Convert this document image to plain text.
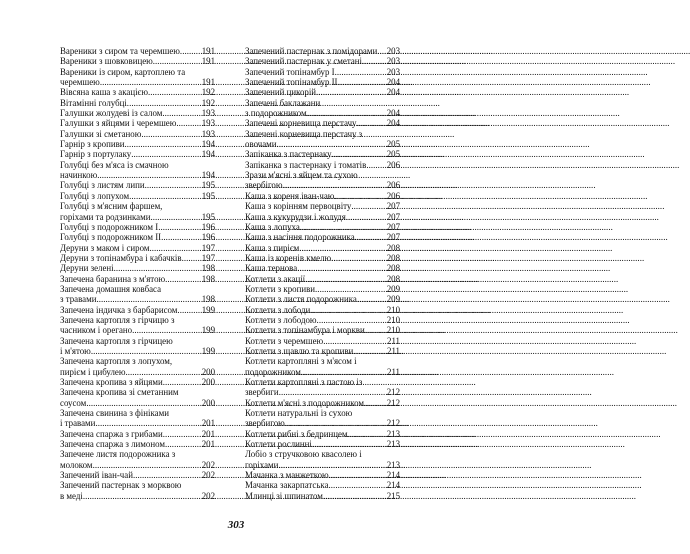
Вареники з сиром та черемшею ..... 191
Вареники з шовковицею .....	191
Вареники із сиром, картоплею та
черемшею .....	191
Вівсяна каша з акацією .....	192
Вітамінні голубці .....	192
Галушки жолудеві із салом .....	193
Галушки з яйцями і черемшею .....	193
Галушки зі сметаною .....	193
Гарнір з кропиви .....	194
Гарнір з портулаку .....	194
Голубці без м'яса із смачною
начинкою .....	194
Голубці з листям липи .....	195
Голубці з лопухом .....	195
Голубці з м'ясним фаршем,
горіхами та родзинками .....	195
Голубці з подорожником I .....	196
Голубці з подорожником II .....	196
Деруни з маком і сиром .....	197
Деруни з топінамбура і кабачків ..... 197
Деруни зелені .....	198
Запечена баранина з м'ятою .....	198
Запечена домашня ковбаса
з травами .....	198
Запечена індичка з барбарисом .....	199
Запечена картопля з гірчицю з
часником і орегано .....	199
Запечена картопля з гірчицею
і м'ятою .....	199
Запечена картопля з лопухом,
пирієм і цибулею .....	200
Запечена кропива з яйцями .....	200
Запечена кропива зі сметанним
соусом .....	200
Запечена свинина з фініками
і травами .....	201
Запечена спаржа з грибами .....	201
Запечена спаржа з лимоном .....	201
Запечене листя подорожника з
молоком .....	202
Запечений іван-чай .....	202
Запечений пастернак з морквою
в меді .....	202
Запечений пастернак з помідорами ..... 203
Запечений пастернак у сметані .....	203
Запечений топінамбур I .....	203
Запечений топінамбур II .....	204
Запечений цикорій .....	204
Запечені баклажани
з подорожником .....	204
Запечені корневища перстачу .....	204
Запечені корневища перстачу з
овочами .....	205
Запіканка з пастернаку .....	205
Запіканка з пастернаку і томатів ..... 206
Зрази м'ясні з яйцем та сухою
звербігою .....	206
Каша з кореня іван-чаю .....	206
Каша з корінням первоцвіту .....	207
Каша з кукурудзи і жолудя .....	207
Каша з лопуха .....	207
Каша з насіння подорожника .....	207
Каша з пирієм .....	208
Каша із коренів кмелю .....	208
Каша тернова .....	208
Котлети з акації .....	208
Котлети з кропиви .....	209
Котлети з листя подорожника .....	209
Котлети з лободи .....	210
Котлети з лободою .....	210
Котлети з топінамбура і моркви ..... 210
Котлети з черемшею .....	211
Котлети з щавлю та кропиви .....	211
Котлети картопляні з м'ясом і
подорожником .....	211
Котлети картопляні з пастою із
звербиги .....	212
Котлети м'ясні з подорожником .....	212
Котлети натуральні із сухою
звербигою .....	212
Котлети рибні з бедринцем .....	213
Котлети рослинні .....	213
Лобіо з стручковою квасолею і
горіхами .....	213
Мачанка з манжеткою .....	214
Мачанка закарпатська .....	214
Млинці зі шпинатом .....	215
303
